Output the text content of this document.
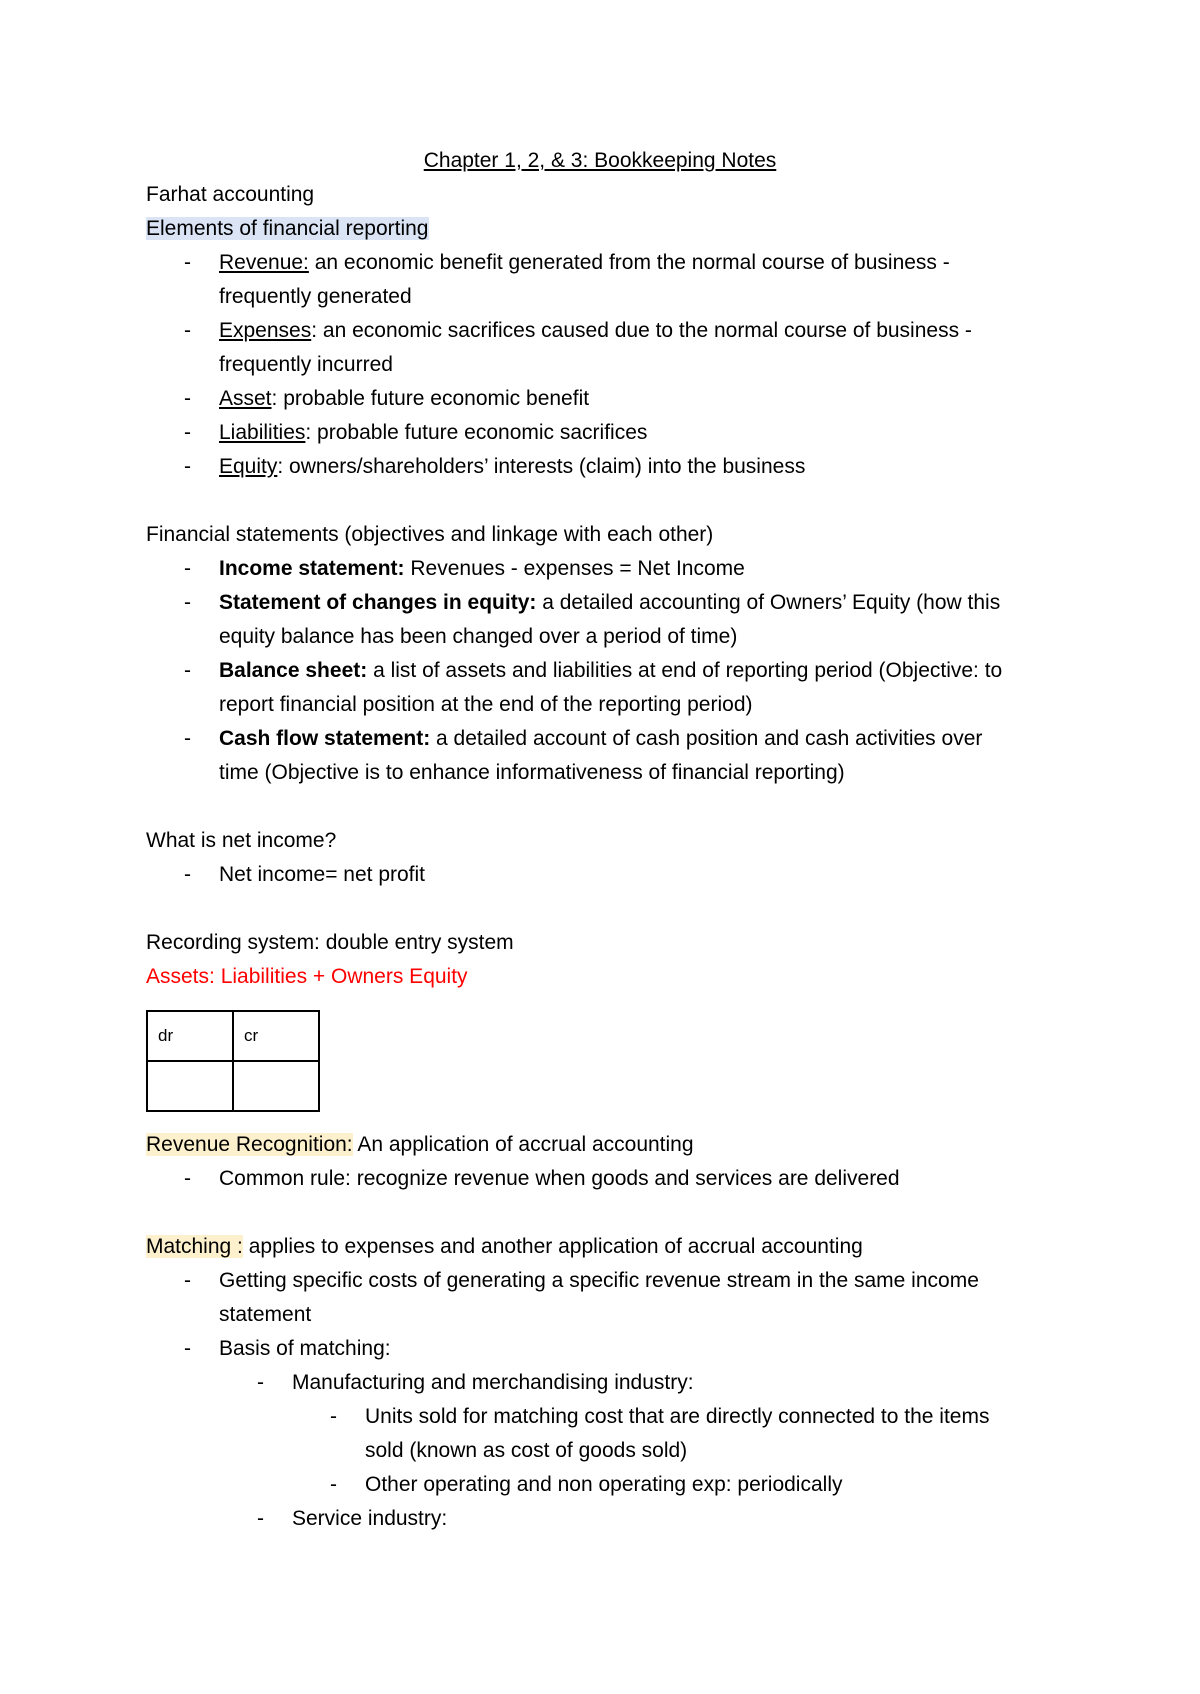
Chapter 1, 2, & 3: Bookkeeping Notes
Farhat accounting
Elements of financial reporting
- Revenue: an economic benefit generated from the normal course of business -
frequently generated
- Expenses: an economic sacrifices caused due to the normal course of business -
frequently incurred
- Asset: probable future economic benefit
- Liabilities: probable future economic sacrifices
- Equity: owners/shareholders’ interests (claim) into the business
Financial statements (objectives and linkage with each other)
- Income statement: Revenues - expenses = Net Income
- Statement of changes in equity: a detailed accounting of Owners’ Equity (how this
equity balance has been changed over a period of time)
- Balance sheet: a list of assets and liabilities at end of reporting period (Objective: to
report financial position at the end of the reporting period)
- Cash flow statement: a detailed account of cash position and cash activities over
time (Objective is to enhance informativeness of financial reporting)
What is net income?
- Net income= net profit
Recording system: double entry system
Assets: Liabilities + Owners Equity
dr	cr

Revenue Recognition: An application of accrual accounting
- Common rule: recognize revenue when goods and services are delivered
Matching : applies to expenses and another application of accrual accounting
- Getting specific costs of generating a specific revenue stream in the same income
statement
- Basis of matching:
- Manufacturing and merchandising industry:
- Units sold for matching cost that are directly connected to the items
sold (known as cost of goods sold)
- Other operating and non operating exp: periodically
- Service industry:
